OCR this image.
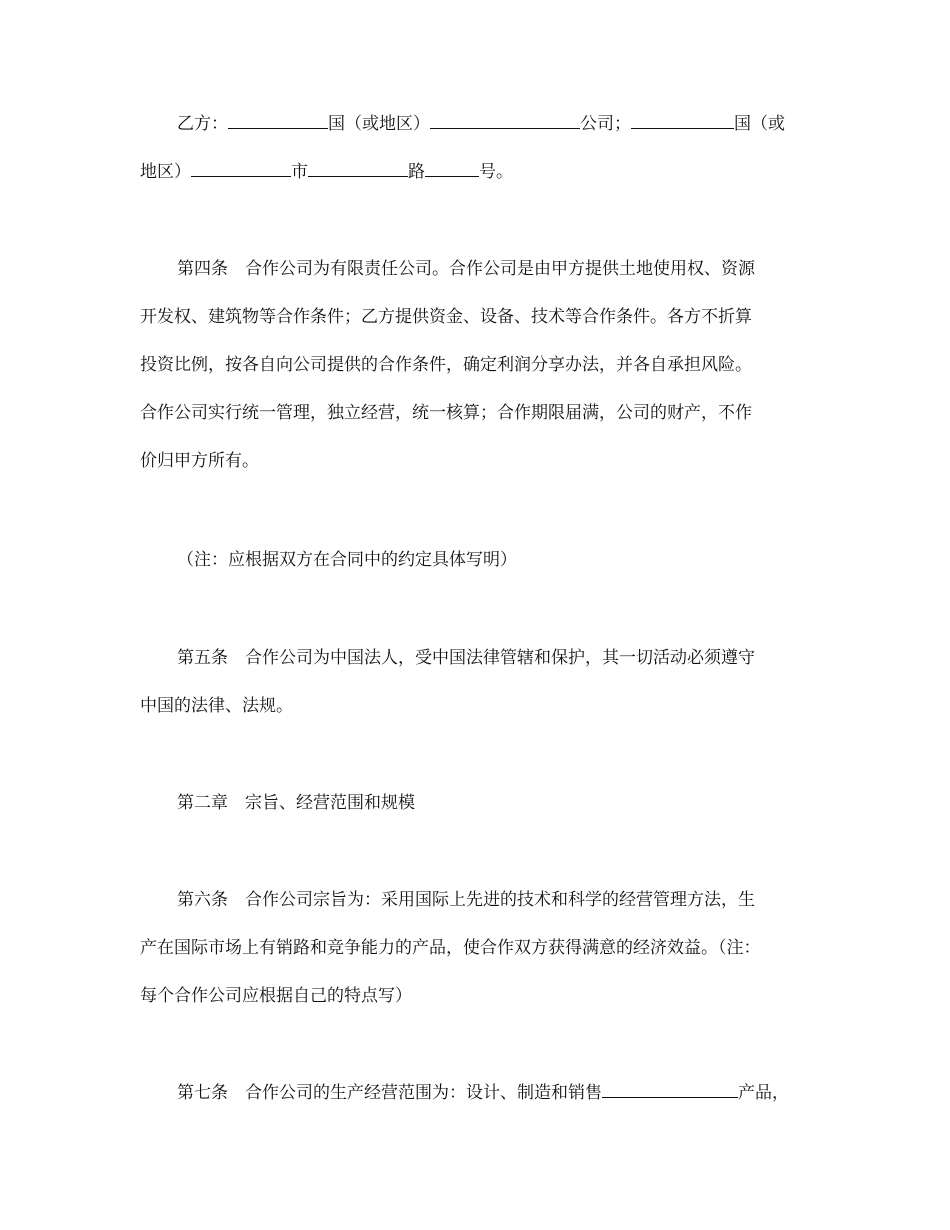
乙方：	国（或地区）	公司；	国（或
地区）	市	路	号。
第四条　合作公司为有限责任公司。合作公司是由甲方提供土地使用权、资源
开发权、建筑物等合作条件；乙方提供资金、设备、技术等合作条件。各方不折算
投资比例，按各自向公司提供的合作条件，确定利润分享办法，并各自承担风险。
合作公司实行统一管理，独立经营，统一核算；合作期限届满，公司的财产，不作
价归甲方所有。
（注：应根据双方在合同中的约定具体写明）
第五条　合作公司为中国法人，受中国法律管辖和保护，其一切活动必须遵守
中国的法律、法规。
第二章　宗旨、经营范围和规模
第六条　合作公司宗旨为：采用国际上先进的技术和科学的经营管理方法，生
产在国际市场上有销路和竞争能力的产品，使合作双方获得满意的经济效益。（注：
每个合作公司应根据自己的特点写）
第七条　合作公司的生产经营范围为：设计、制造和销售	产品，
